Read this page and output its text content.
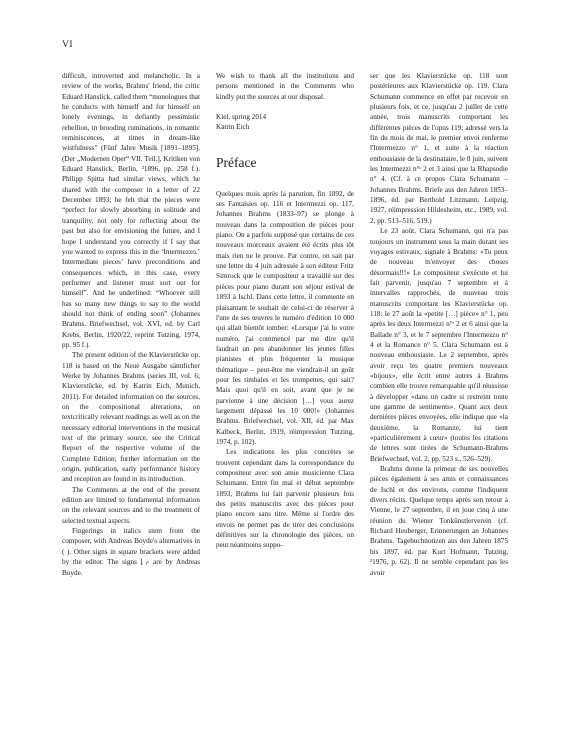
VI

difficult, introverted and melancholic. In a review of the works, Brahms' friend, the critic Eduard Hanslick, called them “monologues that he conducts with himself and for himself on lonely evenings, in defiantly pessimistic rebellion, in brooding ruminations, in romantic reminiscences, at times in dream-like wistfulness” (Fünf Jahre Musik [1891–1895]. (Der „Modernen Oper“ VII. Teil.], Kritiken von Eduard Hanslick, Berlin, ²1896, pp. 258 f.). Philipp Spitta had similar views, which he shared with the composer in a letter of 22 December 1893; he felt that the pieces were “perfect for slowly absorbing in solitude and tranquility, not only for reflecting about the past but also for envisioning the future, and I hope I understand you correctly if I say that you wanted to express this in the ‘Intermezzo.’ Intermediate pieces’ have preconditions and consequences which, in this case, every performer and listener must sort out for himself”. And he underlined: “Whoever still has so many new things to say to the world should not think of ending soon” (Johannes Brahms. Briefwechsel, vol. XVI, ed. by Carl Krebs, Berlin, 1920/22, reprint Tutzing, 1974, pp. 95 f.).

The present edition of the Klavierstücke op. 118 is based on the Neue Ausgabe sämtlicher Werke by Johannes Brahms (series III, vol. 6; Klavierstücke, ed. by Katrin Eich, Munich, 2011). For detailed information on the sources, on the compositional alterations, on textcritically relevant readings as well as on the necessary editorial interventions in the musical text of the primary source, see the Critical Report of the respective volume of the Complete Edition; further information on the origin, publication, early performance history and reception are found in its introduction.

The Comments at the end of the present edition are limited to fundamental information on the relevant sources and to the treatment of selected textual aspects.

Fingerings in italics stem from the composer, with Andreas Boyde's alternatives in ( ). Other signs in square brackets were added by the editor. The signs ⌊⌌ are by Andreas Boyde.

We wish to thank all the institutions and persons mentioned in the Comments who kindly put the sources at our disposal.

Kiel, spring 2014

Katrin Eich

Préface

Quelques mois après la parution, fin 1892, de ses Fantaisies op. 116 et Intermezzi op. 117, Johannes Brahms (1833–97) se plonge à nouveau dans la composition de pièces pour piano. On a parfois supposé que certains de ces nouveaux morceaux avaient été écrits plus tôt mais rien ne le prouve. Par contre, on sait par une lettre du 4 juin adressée à son éditeur Fritz Simrock que le compositeur a travaillé sur des pièces pour piano durant son séjour estival de 1893 à Ischl. Dans cette lettre, il commente en plaisantant le souhait de celui-ci de réserver à l'une de ses œuvres le numéro d'édition 10 000 qui allait bientôt tomber: «Lorsque j'ai lu votre numéro, j'ai commencé par me dire qu'il faudrait un peu abandonner les jeunes filles pianistes et plus fréquenter la musique thématique – peut-être me viendrait-il un goût pour les timbales et les trompettes, qui sait? Mais quoi qu'il en soit, avant que je ne parvienne à une décision […] vous aurez largement dépassé les 10 000!» (Johannes Brahms. Briefwechsel, vol. XII, éd. par Max Kalbeck, Berlin, 1919, réimpression Tutzing, 1974, p. 102).

Les indications les plus concrètes se trouvent cependant dans la correspondance du compositeur avec son amie musicienne Clara Schumann. Entre fin mai et début septembre 1893, Brahms lui fait parvenir plusieurs fois des petits manuscrits avec des pièces pour piano encore sans titre. Même si l'ordre des envois ne permet pas de tirer des conclusions définitives sur la chronologie des pièces, on peut néanmoins suppo-

ser que les Klavierstücke op. 118 sont postérieures aux Klavierstücke op. 119. Clara Schumann commence en effet par recevoir en plusieurs fois, et ce, jusqu'au 2 juillet de cette année, trois manuscrits comportant les différentes pièces de l'opus 119; adressé vers la fin du mois de mai, le premier envoi renferme l'Intermezzo n° 1, et suite à la réaction enthousiaste de la destinataire, le 8 juin, suivent les Intermezzi n°ˢ 2 et 3 ainsi que la Rhapsodie n° 4. (Cf. à ce propos Clara Schumann – Johannes Brahms. Briefe aus den Jahren 1853–1896, éd. par Berthold Litzmann, Leipzig, 1927, réimpression Hildesheim, etc., 1989, vol. 2, pp. 513–516, 519.)

Le 23 août, Clara Schumann, qui n'a pas toujours un instrument sous la main durant ses voyages estivaux, signale à Brahms: «Tu peux de nouveau m'envoyer des choses désormais!!!» Le compositeur s'exécute et lui fait parvenir, jusqu'au 7 septembre et à intervalles rapprochés, de nouveau trois manuscrits comportant les Klavierstücke op. 118: le 27 août la «petite […] pièce» n° 1, peu après les deux Intermezzi n°ˢ 2 et 6 ainsi que la Ballade n° 3, et le 7 septembre l'Intermezzo n° 4 et la Romance n° 5. Clara Schumann est à nouveau enthousiaste. Le 2 septembre, après avoir reçu les quatre premiers nouveaux «bijoux», elle écrit entre autres à Brahms combien elle trouve remarquable qu'il réussisse à développer «dans un cadre si restreint toute une gamme de sentiments». Quant aux deux dernières pièces envoyées, elle indique que «la deuxième, la Romanze, lui tient «particulièrement à cœur» (toutes les citations de lettres sont tirées de Schumann-Brahms Briefwechsel, vol. 2, pp. 523 s., 526–529).

Brahms donne la primeur de ses nouvelles pièces également à ses amis et connaissances de Ischl et des environs, comme l'indiquent divers récits. Quelque temps après son retour à Vienne, le 27 septembre, il en joue cinq à une réunion du Wiener Tonkünstlerverein (cf. Richard Heuberger, Erinnerungen an Johannes Brahms. Tagebuchnotizen aus den Jahren 1875 bis 1897, éd. par Kurt Hofmann, Tutzing, ²1976, p. 62). Il ne semble cependant pas les avoir
